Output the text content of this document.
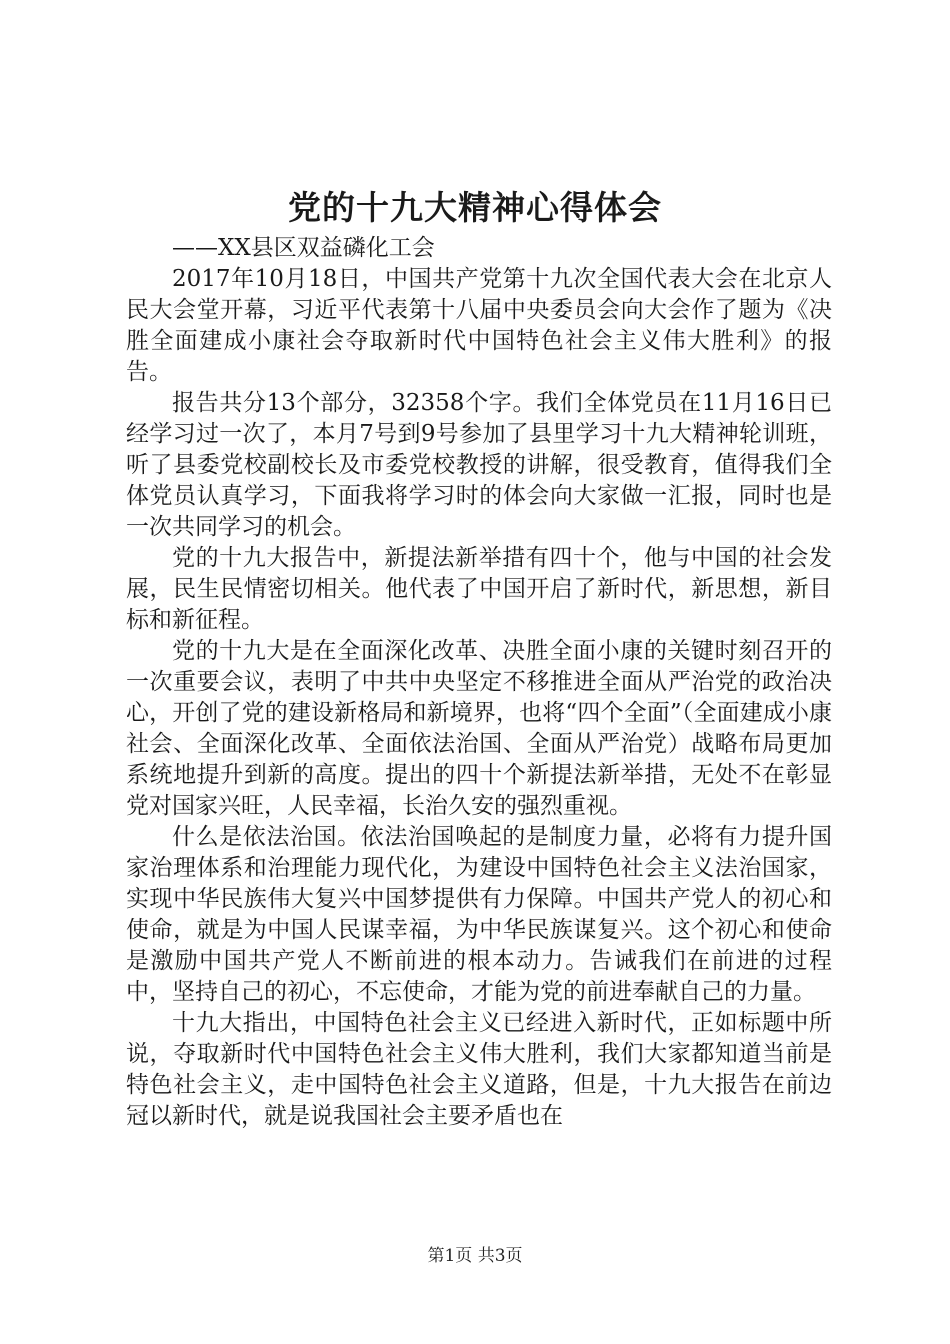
党的十九大精神心得体会

——XX县区双益磷化工会

2017年10月18日，中国共产党第十九次全国代表大会在北京人民大会堂开幕，习近平代表第十八届中央委员会向大会作了题为《决胜全面建成小康社会夺取新时代中国特色社会主义伟大胜利》的报告。

报告共分13个部分，32358个字。我们全体党员在11月16日已经学习过一次了，本月7号到9号参加了县里学习十九大精神轮训班，听了县委党校副校长及市委党校教授的讲解，很受教育，值得我们全体党员认真学习，下面我将学习时的体会向大家做一汇报，同时也是一次共同学习的机会。

党的十九大报告中，新提法新举措有四十个，他与中国的社会发展，民生民情密切相关。他代表了中国开启了新时代，新思想，新目标和新征程。

党的十九大是在全面深化改革、决胜全面小康的关键时刻召开的一次重要会议，表明了中共中央坚定不移推进全面从严治党的政治决心，开创了党的建设新格局和新境界，也将“四个全面”（全面建成小康社会、全面深化改革、全面依法治国、全面从严治党）战略布局更加系统地提升到新的高度。提出的四十个新提法新举措，无处不在彰显党对国家兴旺，人民幸福，长治久安的强烈重视。

什么是依法治国。依法治国唤起的是制度力量，必将有力提升国家治理体系和治理能力现代化，为建设中国特色社会主义法治国家，实现中华民族伟大复兴中国梦提供有力保障。中国共产党人的初心和使命，就是为中国人民谋幸福，为中华民族谋复兴。这个初心和使命是激励中国共产党人不断前进的根本动力。告诫我们在前进的过程中，坚持自己的初心，不忘使命，才能为党的前进奉献自己的力量。

十九大指出，中国特色社会主义已经进入新时代，正如标题中所说，夺取新时代中国特色社会主义伟大胜利，我们大家都知道当前是特色社会主义，走中国特色社会主义道路，但是，十九大报告在前边冠以新时代，就是说我国社会主要矛盾也在

第1页 共3页
